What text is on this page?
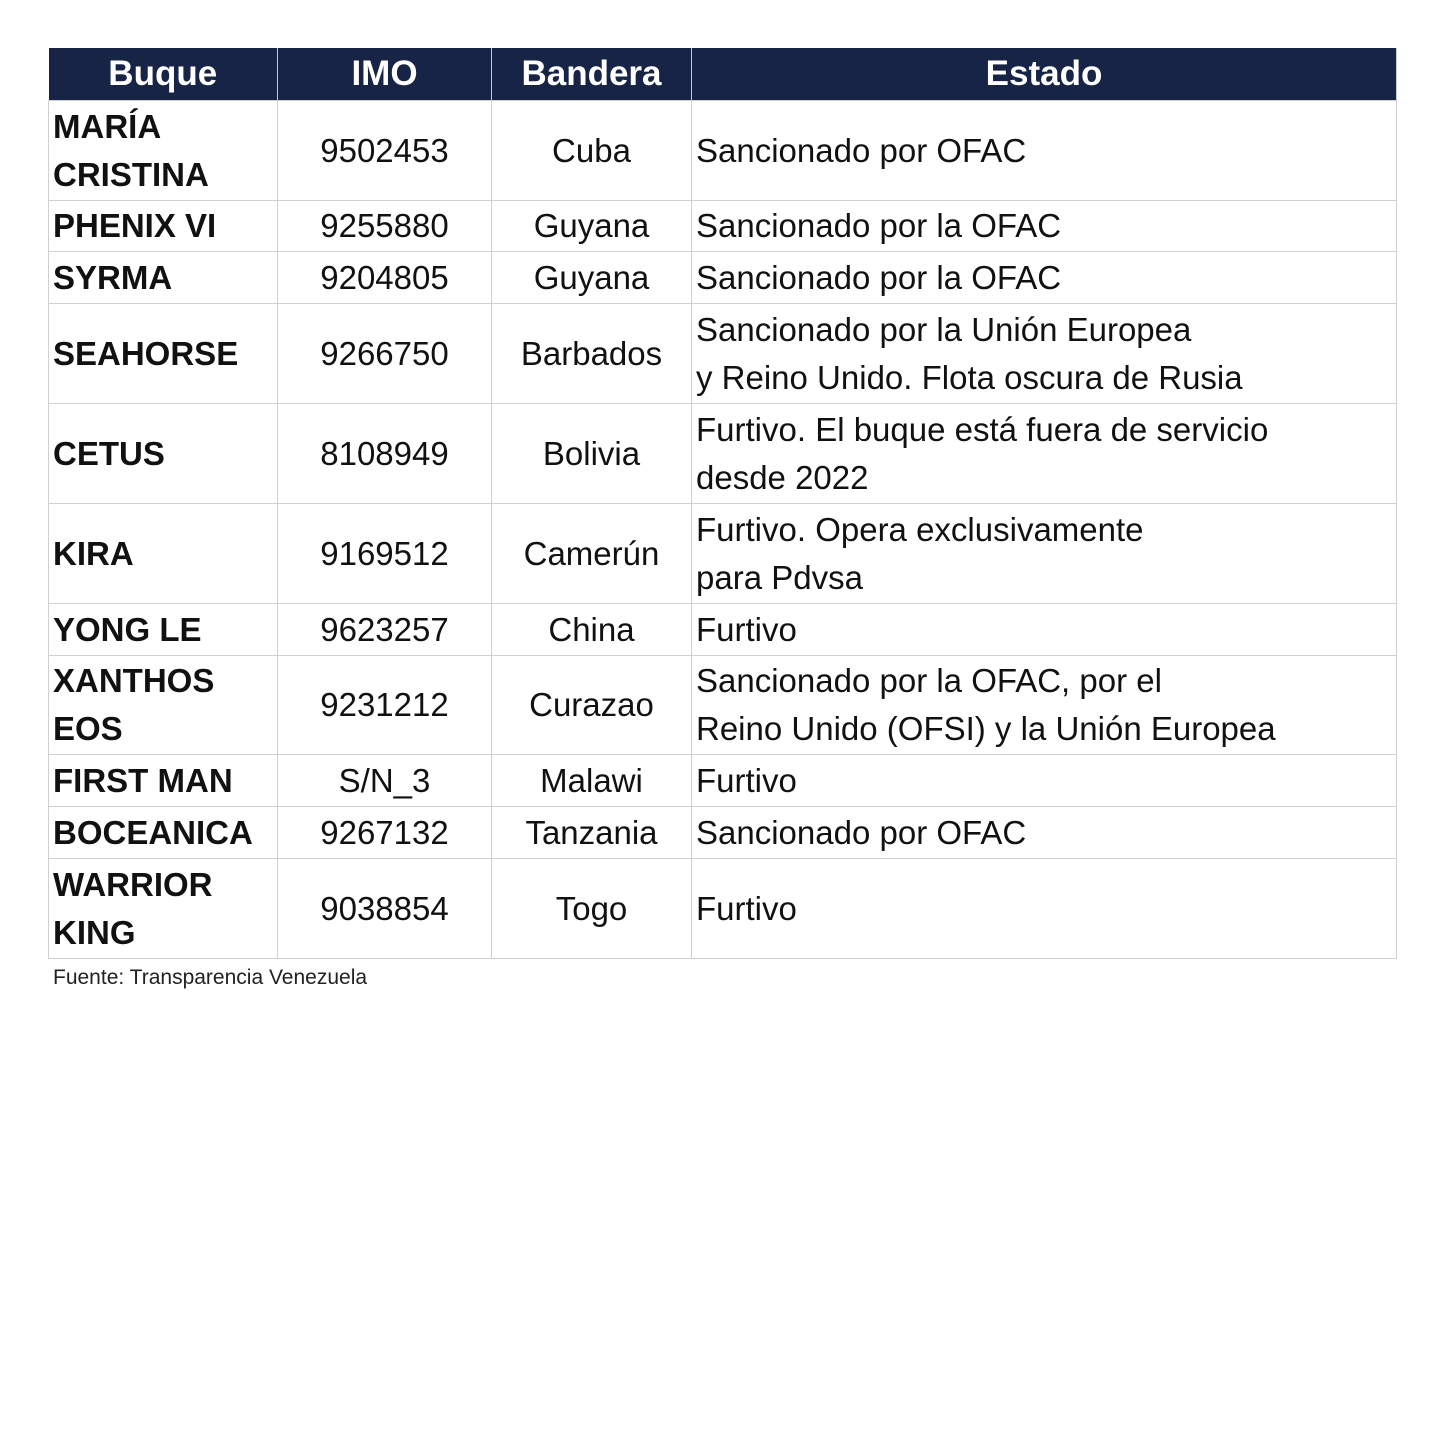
Buque	IMO	Bandera	Estado
MARÍA
CRISTINA	9502453	Cuba	Sancionado por OFAC
PHENIX VI	9255880	Guyana	Sancionado por la OFAC
SYRMA	9204805	Guyana	Sancionado por la OFAC
SEAHORSE	9266750	Barbados	Sancionado por la Unión Europea
y Reino Unido. Flota oscura de Rusia
CETUS	8108949	Bolivia	Furtivo. El buque está fuera de servicio
desde 2022
KIRA	9169512	Camerún	Furtivo. Opera exclusivamente
para Pdvsa
YONG LE	9623257	China	Furtivo
XANTHOS
EOS	9231212	Curazao	Sancionado por la OFAC, por el
Reino Unido (OFSI) y la Unión Europea
FIRST MAN	S/N_3	Malawi	Furtivo
BOCEANICA	9267132	Tanzania	Sancionado por OFAC
WARRIOR
KING	9038854	Togo	Furtivo
Fuente: Transparencia Venezuela
